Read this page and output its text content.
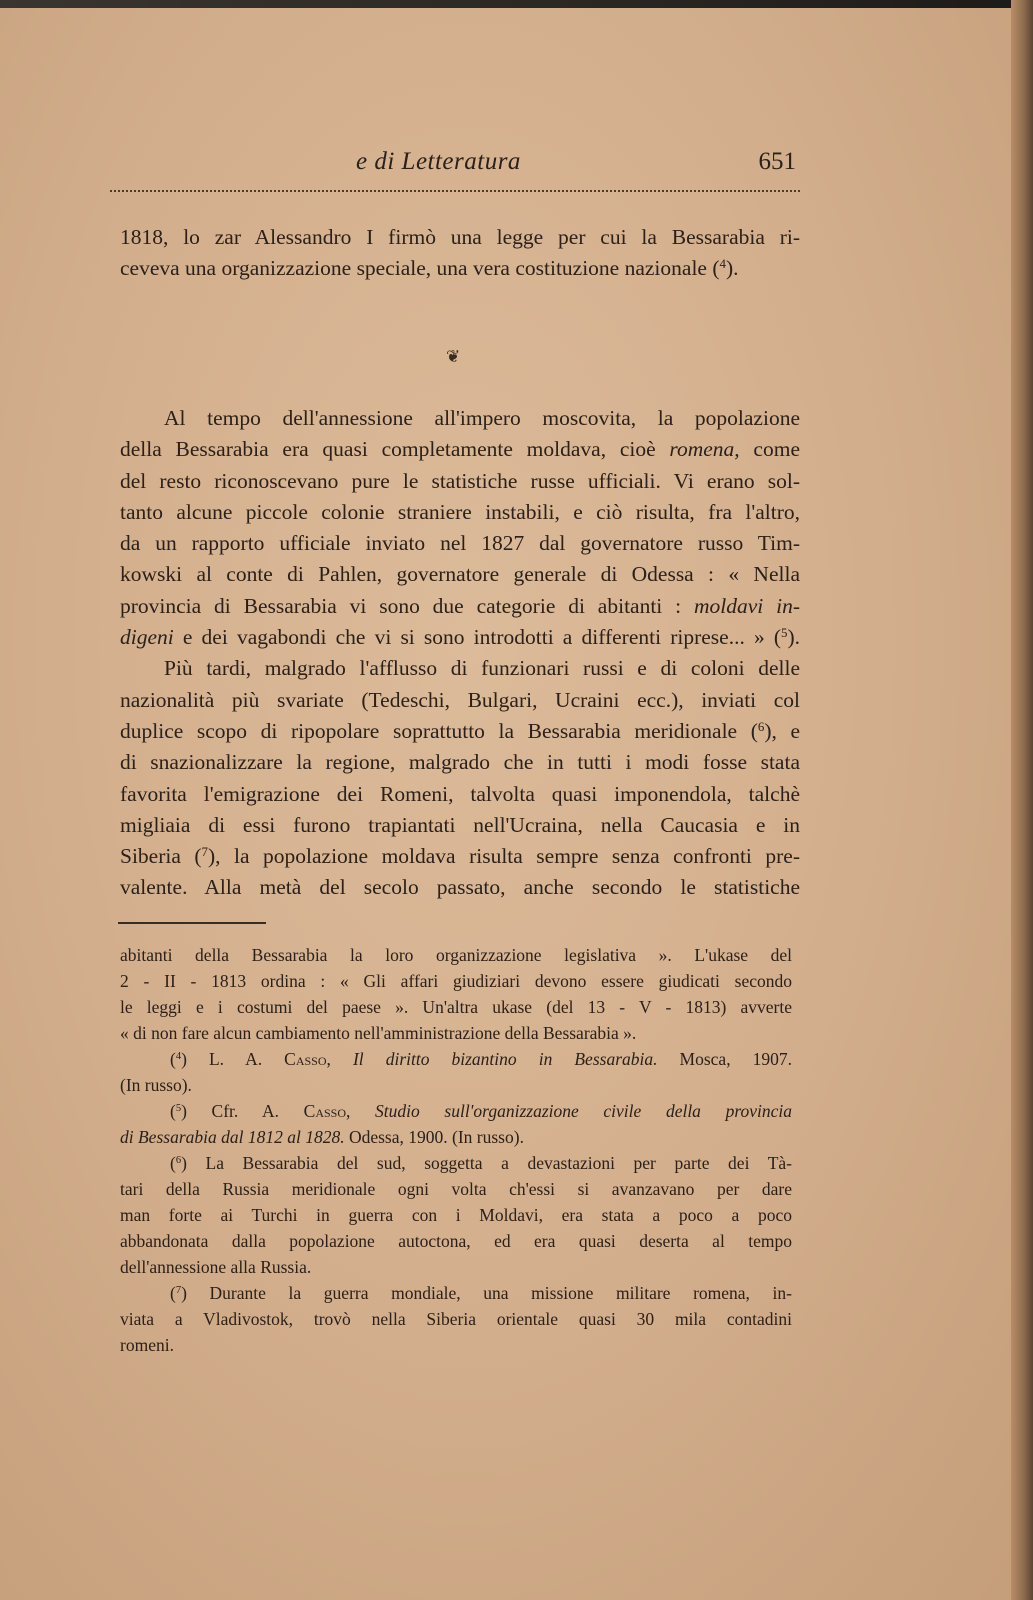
e di Letteratura	651
1818, lo zar Alessandro I firmò una legge per cui la Bessarabia ri-
ceveva una organizzazione speciale, una vera costituzione nazionale ($^4$).
❦
Al tempo dell'annessione all'impero moscovita, la popolazione
della Bessarabia era quasi completamente moldava, cioè romena, come
del resto riconoscevano pure le statistiche russe ufficiali. Vi erano sol-
tanto alcune piccole colonie straniere instabili, e ciò risulta, fra l'altro,
da un rapporto ufficiale inviato nel 1827 dal governatore russo Tim-
kowski al conte di Pahlen, governatore generale di Odessa : « Nella
provincia di Bessarabia vi sono due categorie di abitanti : moldavi in-
digeni e dei vagabondi che vi si sono introdotti a differenti riprese... » ($^5$).
Più tardi, malgrado l'afflusso di funzionari russi e di coloni delle
nazionalità più svariate (Tedeschi, Bulgari, Ucraini ecc.), inviati col
duplice scopo di ripopolare soprattutto la Bessarabia meridionale ($^6$), e
di snazionalizzare la regione, malgrado che in tutti i modi fosse stata
favorita l'emigrazione dei Romeni, talvolta quasi imponendola, talchè
migliaia di essi furono trapiantati nell'Ucraina, nella Caucasia e in
Siberia ($^7$), la popolazione moldava risulta sempre senza confronti pre-
valente. Alla metà del secolo passato, anche secondo le statistiche
abitanti della Bessarabia la loro organizzazione legislativa ». L'ukase del
2 - II - 1813 ordina : « Gli affari giudiziari devono essere giudicati secondo
le leggi e i costumi del paese ». Un'altra ukase (del 13 - V - 1813) avverte
« di non fare alcun cambiamento nell'amministrazione della Bessarabia ».
($^4$) L. A. Casso, Il diritto bizantino in Bessarabia. Mosca, 1907.
(In russo).
($^5$) Cfr. A. Casso, Studio sull'organizzazione civile della provincia
di Bessarabia dal 1812 al 1828. Odessa, 1900. (In russo).
($^6$) La Bessarabia del sud, soggetta a devastazioni per parte dei Tà-
tari della Russia meridionale ogni volta ch'essi si avanzavano per dare
man forte ai Turchi in guerra con i Moldavi, era stata a poco a poco
abbandonata dalla popolazione autoctona, ed era quasi deserta al tempo
dell'annessione alla Russia.
($^7$) Durante la guerra mondiale, una missione militare romena, in-
viata a Vladivostok, trovò nella Siberia orientale quasi 30 mila contadini
romeni.
